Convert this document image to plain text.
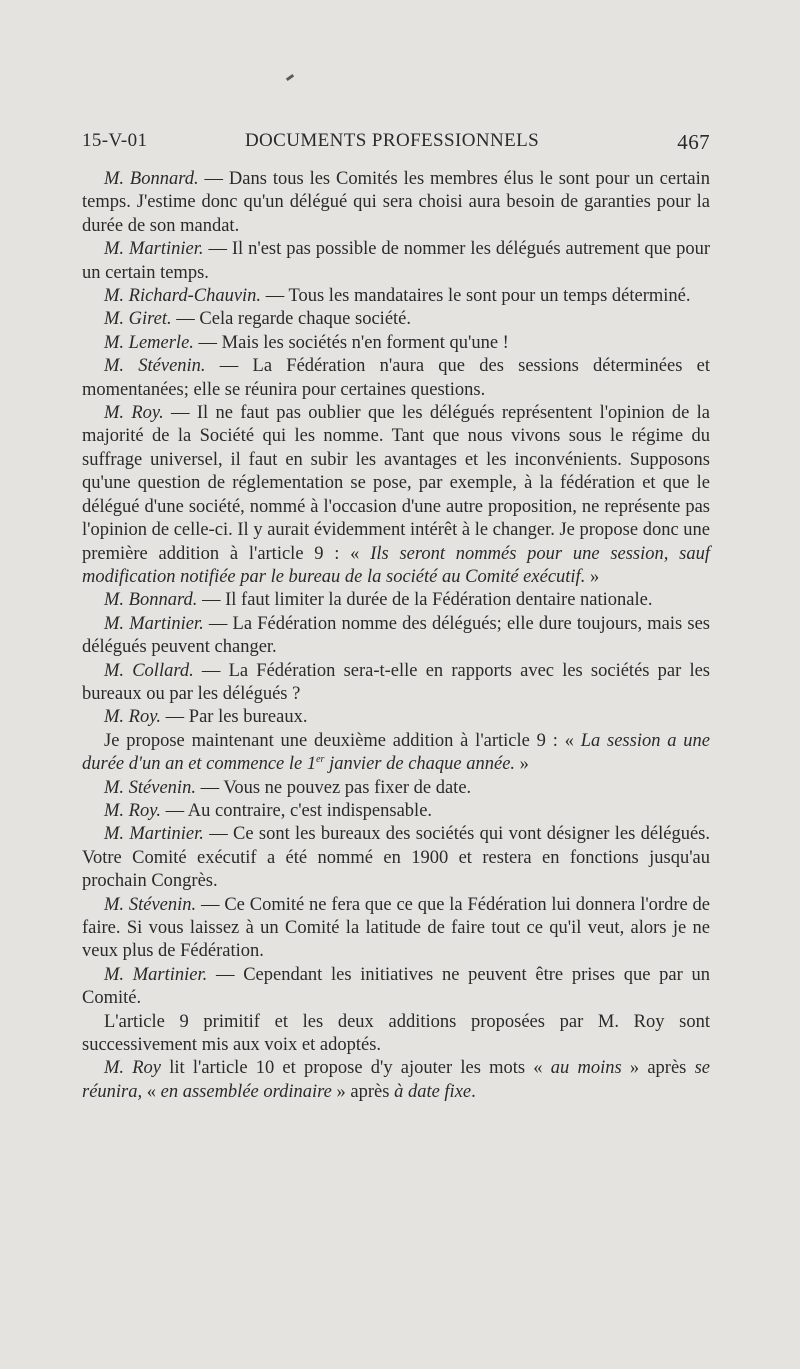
15-V-01	DOCUMENTS PROFESSIONNELS	467

M. Bonnard. — Dans tous les Comités les membres élus le sont pour un certain temps. J'estime donc qu'un délégué qui sera choisi aura besoin de garanties pour la durée de son mandat.

M. Martinier. — Il n'est pas possible de nommer les délégués autrement que pour un certain temps.

M. Richard-Chauvin. — Tous les mandataires le sont pour un temps déterminé.

M. Giret. — Cela regarde chaque société.

M. Lemerle. — Mais les sociétés n'en forment qu'une !

M. Stévenin. — La Fédération n'aura que des sessions déterminées et momentanées; elle se réunira pour certaines questions.

M. Roy. — Il ne faut pas oublier que les délégués représentent l'opinion de la majorité de la Société qui les nomme. Tant que nous vivons sous le régime du suffrage universel, il faut en subir les avantages et les inconvénients. Supposons qu'une question de réglementation se pose, par exemple, à la fédération et que le délégué d'une société, nommé à l'occasion d'une autre proposition, ne représente pas l'opinion de celle-ci. Il y aurait évidemment intérêt à le changer. Je propose donc une première addition à l'article 9 : « Ils seront nommés pour une session, sauf modification notifiée par le bureau de la société au Comité exécutif. »

M. Bonnard. — Il faut limiter la durée de la Fédération dentaire nationale.

M. Martinier. — La Fédération nomme des délégués; elle dure toujours, mais ses délégués peuvent changer.

M. Collard. — La Fédération sera-t-elle en rapports avec les sociétés par les bureaux ou par les délégués ?

M. Roy. — Par les bureaux.

Je propose maintenant une deuxième addition à l'article 9 : « La session a une durée d'un an et commence le 1er janvier de chaque année. »

M. Stévenin. — Vous ne pouvez pas fixer de date.

M. Roy. — Au contraire, c'est indispensable.

M. Martinier. — Ce sont les bureaux des sociétés qui vont désigner les délégués. Votre Comité exécutif a été nommé en 1900 et restera en fonctions jusqu'au prochain Congrès.

M. Stévenin. — Ce Comité ne fera que ce que la Fédération lui donnera l'ordre de faire. Si vous laissez à un Comité la latitude de faire tout ce qu'il veut, alors je ne veux plus de Fédération.

M. Martinier. — Cependant les initiatives ne peuvent être prises que par un Comité.

L'article 9 primitif et les deux additions proposées par M. Roy sont successivement mis aux voix et adoptés.

M. Roy lit l'article 10 et propose d'y ajouter les mots « au moins » après se réunira, « en assemblée ordinaire » après à date fixe.
